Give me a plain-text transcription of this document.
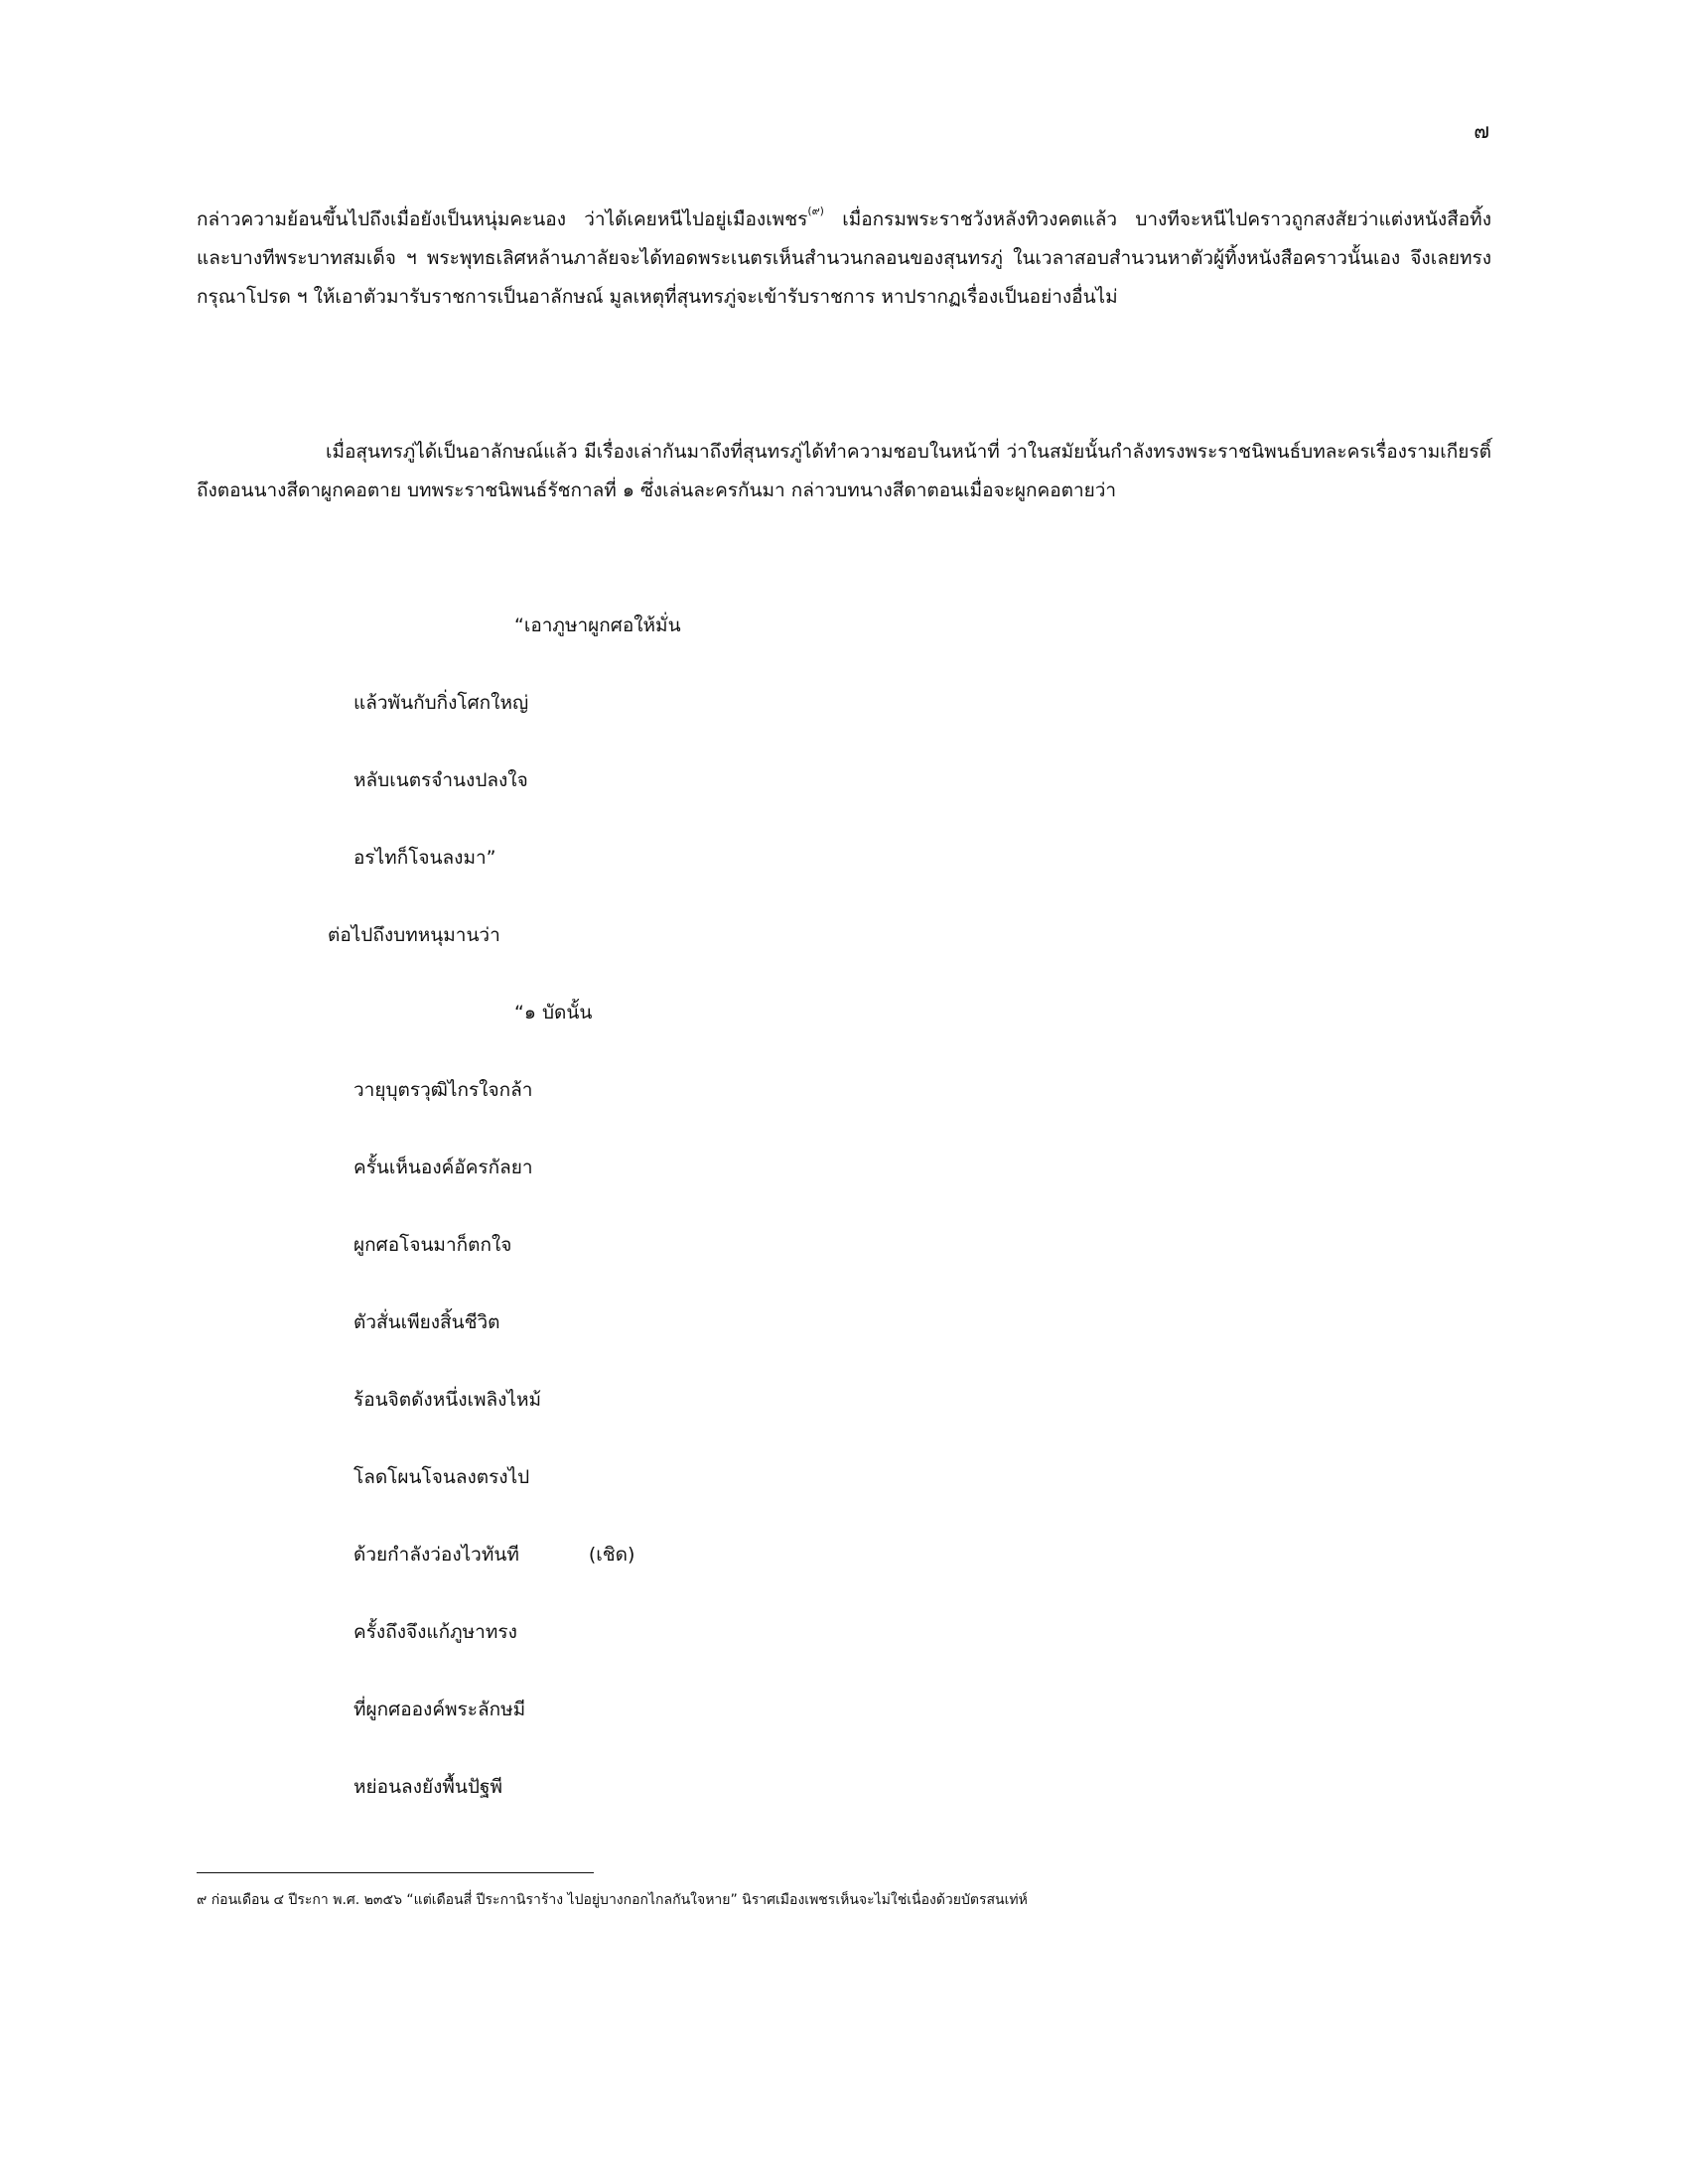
๗

กล่าวความย้อนขึ้นไปถึงเมื่อยังเป็นหนุ่มคะนอง ว่าได้เคยหนีไปอยู่เมืองเพชร$^{(๙)}$ เมื่อกรมพระราชวังหลังทิวงคตแล้ว บางทีจะหนีไปคราวถูกสงสัยว่าแต่งหนังสือทิ้ง และบางทีพระบาทสมเด็จ ฯ พระพุทธเลิศหล้านภาลัยจะได้ทอดพระเนตรเห็นสำนวนกลอนของสุนทรภู่ ในเวลาสอบสำนวนหาตัวผู้ทิ้งหนังสือคราวนั้นเอง จึงเลยทรงกรุณาโปรด ฯ ให้เอาตัวมารับราชการเป็นอาลักษณ์ มูลเหตุที่สุนทรภู่จะเข้ารับราชการ หาปรากฏเรื่องเป็นอย่างอื่นไม่

เมื่อสุนทรภู่ได้เป็นอาลักษณ์แล้ว มีเรื่องเล่ากันมาถึงที่สุนทรภู่ได้ทำความชอบในหน้าที่ ว่าในสมัยนั้นกำลังทรงพระราชนิพนธ์บทละครเรื่องรามเกียรติ์ ถึงตอนนางสีดาผูกคอตาย บทพระราชนิพนธ์รัชกาลที่ ๑ ซึ่งเล่นละครกันมา กล่าวบทนางสีดาตอนเมื่อจะผูกคอตายว่า

“เอาภูษาผูกศอให้มั่น
แล้วพันกับกิ่งโศกใหญ่
หลับเนตรจำนงปลงใจ
อรไทก็โจนลงมา”
ต่อไปถึงบทหนุมานว่า
“๑ บัดนั้น
วายุบุตรวุฒิไกรใจกล้า
ครั้นเห็นองค์อัครกัลยา
ผูกศอโจนมาก็ตกใจ
ตัวสั่นเพียงสิ้นชีวิต
ร้อนจิตดังหนึ่งเพลิงไหม้
โลดโผนโจนลงตรงไป
ด้วยกำลังว่องไวทันที	(เชิด)
ครั้งถึงจึงแก้ภูษาทรง
ที่ผูกศอองค์พระลักษมี
หย่อนลงยังพื้นปัฐพี
๙ ก่อนเดือน ๔ ปีระกา พ.ศ. ๒๓๕๖ “แต่เดือนสี่ ปีระกานิราร้าง ไปอยู่บางกอกไกลกันใจหาย” นิราศเมืองเพชรเห็นจะไม่ใช่เนื่องด้วยบัตรสนเท่ห์
